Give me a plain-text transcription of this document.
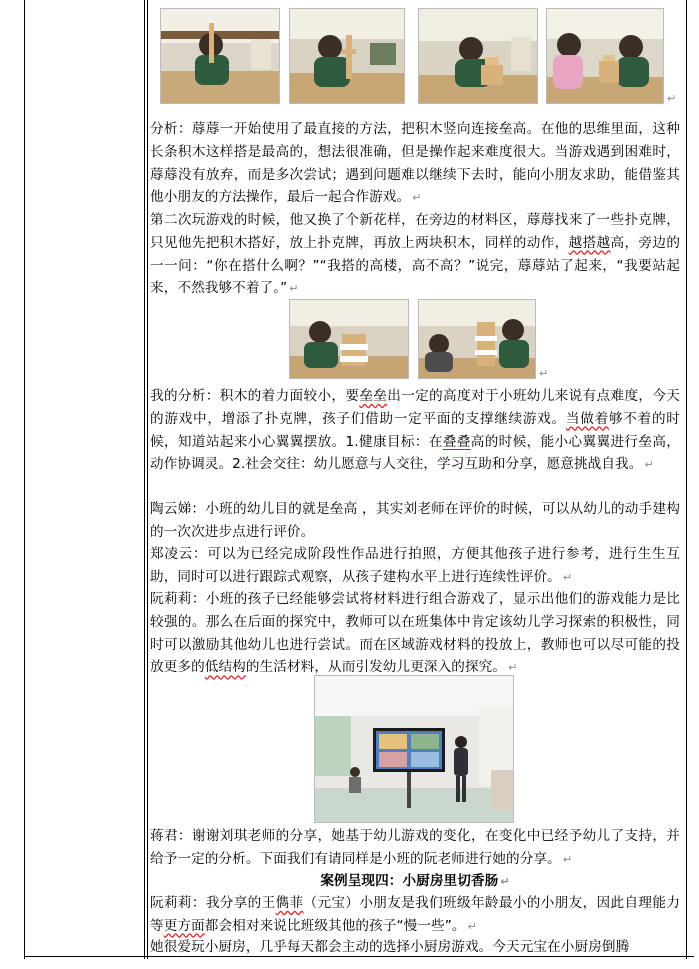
↵
分析：蓐蓐一开始使用了最直接的方法，把积木竖向连接垒高。在他的思维里面，这种长条积木这样搭是最高的，想法很准确，但是操作起来难度很大。当游戏遇到困难时，蓐蓐没有放弃，而是多次尝试；遇到问题难以继续下去时，能向小朋友求助，能借鉴其他小朋友的方法操作，最后一起合作游戏。 ↵
第二次玩游戏的时候，他又换了个新花样，在旁边的材料区，蓐蓐找来了一些扑克牌，只见他先把积木搭好，放上扑克牌，再放上两块积木，同样的动作，越搭越高，旁边的一一问：“你在搭什么啊？”“我搭的高楼，高不高？”说完，蓐蓐站了起来，“我要站起来，不然我够不着了。” ↵
↵
我的分析：积木的着力面较小，要垒垒出一定的高度对于小班幼儿来说有点难度，今天的游戏中，增添了扑克牌，孩子们借助一定平面的支撑继续游戏。当做着够不着的时候，知道站起来小心翼翼摆放。1.健康目标：在叠叠高的时候，能小心翼翼进行垒高，动作协调灵。2.社会交往：幼儿愿意与人交往，学习互助和分享，愿意挑战自我。 ↵
陶云娣：小班的幼儿目的就是垒高 ，其实刘老师在评价的时候，可以从幼儿的动手建构的一次次进步点进行评价。
郑凌云：可以为已经完成阶段性作品进行拍照，方便其他孩子进行参考，进行生生互助，同时可以进行跟踪式观察，从孩子建构水平上进行连续性评价。 ↵
阮莉莉：小班的孩子已经能够尝试将材料进行组合游戏了，显示出他们的游戏能力是比较强的。那么在后面的探究中，教师可以在班集体中肯定该幼儿学习探索的积极性，同时可以激励其他幼儿也进行尝试。而在区域游戏材料的投放上，教师也可以尽可能的投放更多的低结构的生活材料，从而引发幼儿更深入的探究。 ↵
蒋君：谢谢刘琪老师的分享，她基于幼儿游戏的变化，在变化中已经予幼儿了支持，并给予一定的分析。下面我们有请同样是小班的阮老师进行她的分享。 ↵
案例呈现四：小厨房里切香肠 ↵
阮莉莉：我分享的王儁菲（元宝）小朋友是我们班级年龄最小的小朋友，因此自理能力等更方面都会相对来说比班级其他的孩子“慢一些”。 ↵
她很爱玩小厨房，几乎每天都会主动的选择小厨房游戏。今天元宝在小厨房倒腾
